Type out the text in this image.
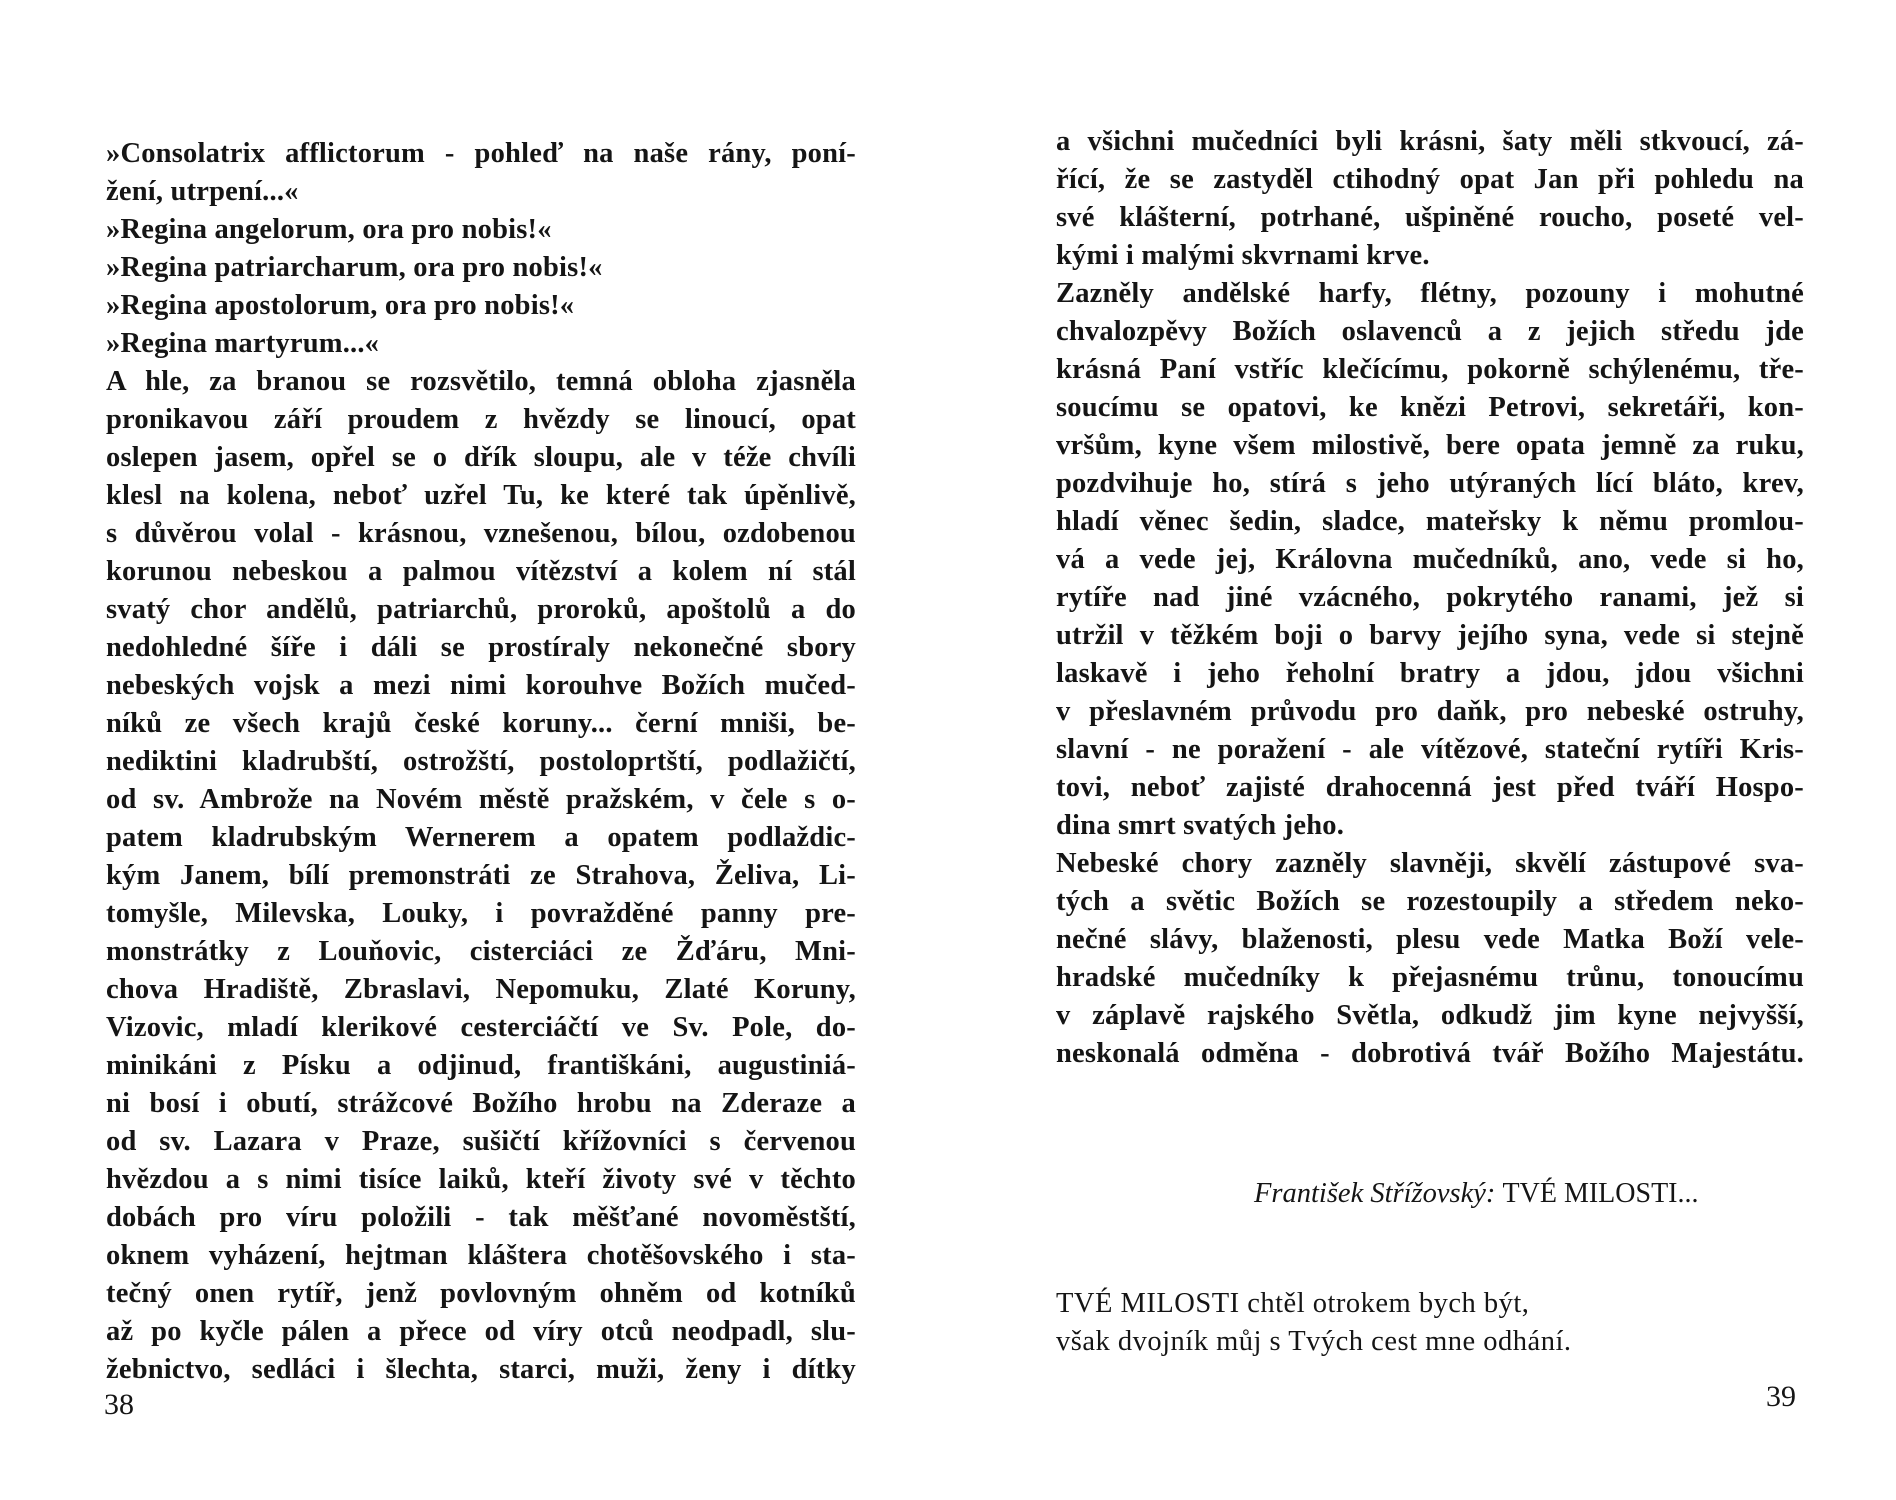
»Consolatrix afflictorum - pohleď na naše rány, poní-
žení, utrpení...«
»Regina angelorum, ora pro nobis!«
»Regina patriarcharum, ora pro nobis!«
»Regina apostolorum, ora pro nobis!«
»Regina martyrum...«
A hle, za branou se rozsvětilo, temná obloha zjasněla
pronikavou září proudem z hvězdy se linoucí, opat
oslepen jasem, opřel se o dřík sloupu, ale v téže chvíli
klesl na kolena, neboť uzřel Tu, ke které tak úpěnlivě,
s důvěrou volal - krásnou, vznešenou, bílou, ozdobenou
korunou nebeskou a palmou vítězství a kolem ní stál
svatý chor andělů, patriarchů, proroků, apoštolů a do
nedohledné šíře i dáli se prostíraly nekonečné sbory
nebeských vojsk a mezi nimi korouhve Božích mučed-
níků ze všech krajů české koruny... černí mniši, be-
nediktini kladrubští, ostrožští, postoloprtští, podlažičtí,
od sv. Ambrože na Novém městě pražském, v čele s o-
patem kladrubským Wernerem a opatem podlaždic-
kým Janem, bílí premonstráti ze Strahova, Želiva, Li-
tomyšle, Milevska, Louky, i povražděné panny pre-
monstrátky z Louňovic, cisterciáci ze Žďáru, Mni-
chova Hradiště, Zbraslavi, Nepomuku, Zlaté Koruny,
Vizovic, mladí klerikové cesterciáčtí ve Sv. Pole, do-
minikáni z Písku a odjinud, františkáni, augustiniá-
ni bosí i obutí, strážcové Božího hrobu na Zderaze a
od sv. Lazara v Praze, sušičtí křížovníci s červenou
hvězdou a s nimi tisíce laiků, kteří životy své v těchto
dobách pro víru položili - tak měšťané novoměstští,
oknem vyházení, hejtman kláštera chotěšovského i sta-
tečný onen rytíř, jenž povlovným ohněm od kotníků
až po kyčle pálen a přece od víry otců neodpadl, slu-
žebnictvo, sedláci i šlechta, starci, muži, ženy i dítky
38
a všichni mučedníci byli krásni, šaty měli stkvoucí, zá-
řící, že se zastyděl ctihodný opat Jan při pohledu na
své klášterní, potrhané, ušpiněné roucho, poseté vel-
kými i malými skvrnami krve.
Zazněly andělské harfy, flétny, pozouny i mohutné
chvalozpěvy Božích oslavenců a z jejich středu jde
krásná Paní vstříc klečícímu, pokorně schýlenému, tře-
soucímu se opatovi, ke knězi Petrovi, sekretáři, kon-
vršům, kyne všem milostivě, bere opata jemně za ruku,
pozdvihuje ho, stírá s jeho utýraných lící bláto, krev,
hladí věnec šedin, sladce, mateřsky k němu promlou-
vá a vede jej, Královna mučedníků, ano, vede si ho,
rytíře nad jiné vzácného, pokrytého ranami, jež si
utržil v těžkém boji o barvy jejího syna, vede si stejně
laskavě i jeho řeholní bratry a jdou, jdou všichni
v přeslavném průvodu pro daňk, pro nebeské ostruhy,
slavní - ne poražení - ale vítězové, stateční rytíři Kris-
tovi, neboť zajisté drahocenná jest před tváří Hospo-
dina smrt svatých jeho.
Nebeské chory zazněly slavněji, skvělí zástupové sva-
tých a světic Božích se rozestoupily a středem neko-
nečné slávy, blaženosti, plesu vede Matka Boží vele-
hradské mučedníky k přejasnému trůnu, tonoucímu
v záplavě rajského Světla, odkudž jim kyne nejvyšší,
neskonalá odměna - dobrotivá tvář Božího Majestátu.
František Střížovský: TVÉ MILOSTI...
TVÉ MILOSTI chtěl otrokem bych být,
však dvojník můj s Tvých cest mne odhání.
39
